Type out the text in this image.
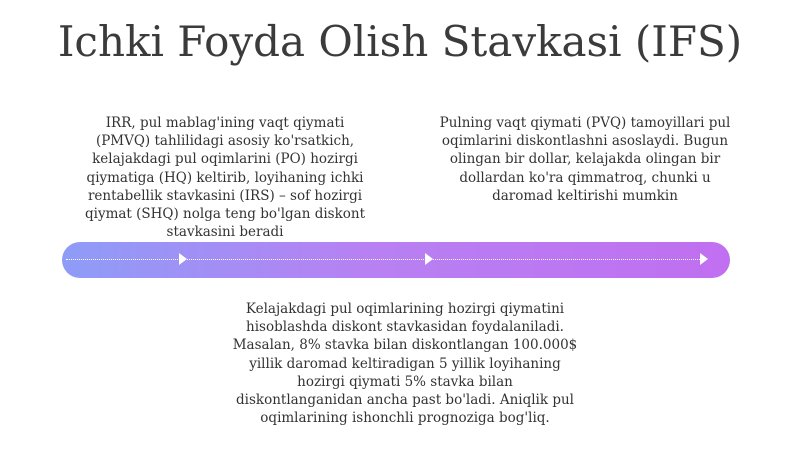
Ichki Foyda Olish Stavkasi (IFS)
IRR, pul mablag'ining vaqt qiymati
(PMVQ) tahlilidagi asosiy ko'rsatkich,
kelajakdagi pul oqimlarini (PO) hozirgi
qiymatiga (HQ) keltirib, loyihaning ichki
rentabellik stavkasini (IRS) – sof hozirgi
qiymat (SHQ) nolga teng bo'lgan diskont
stavkasini beradi
Pulning vaqt qiymati (PVQ) tamoyillari pul
oqimlarini diskontlashni asoslaydi. Bugun
olingan bir dollar, kelajakda olingan bir
dollardan ko'ra qimmatroq, chunki u
daromad keltirishi mumkin
Kelajakdagi pul oqimlarining hozirgi qiymatini
hisoblashda diskont stavkasidan foydalaniladi.
Masalan, 8% stavka bilan diskontlangan 100.000$
yillik daromad keltiradigan 5 yillik loyihaning
hozirgi qiymati 5% stavka bilan
diskontlanganidan ancha past bo'ladi. Aniqlik pul
oqimlarining ishonchli prognoziga bog'liq.
